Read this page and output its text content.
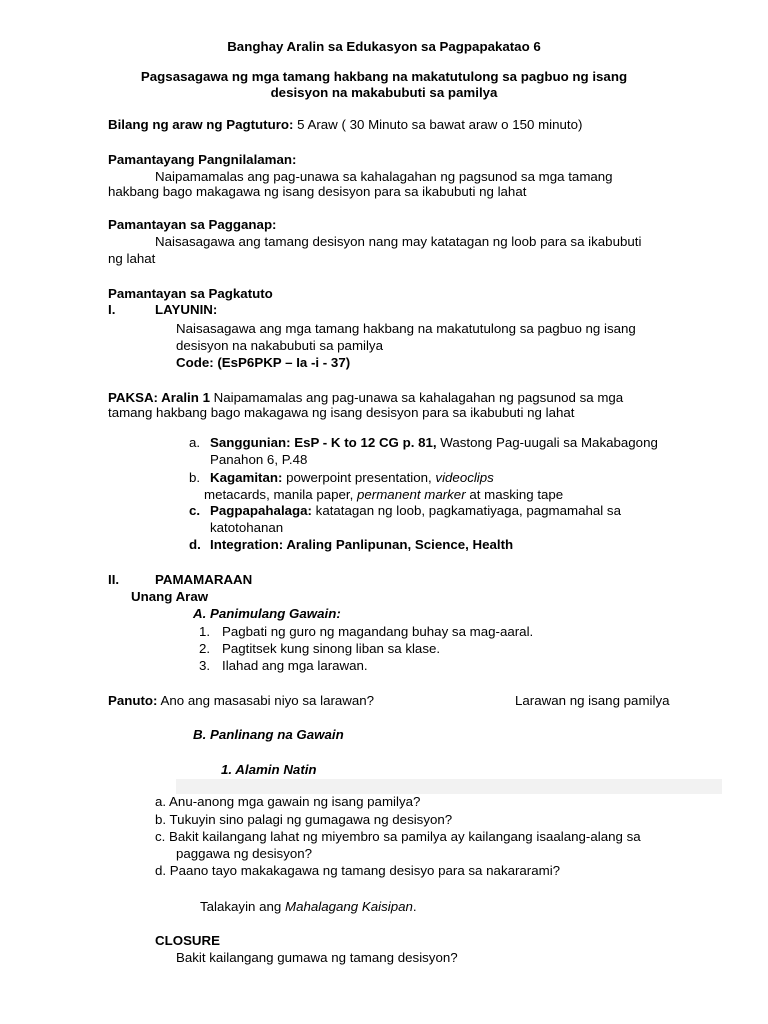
Banghay Aralin sa Edukasyon sa Pagpapakatao 6
Pagsasagawa ng mga tamang hakbang na makatutulong sa pagbuo ng isang
desisyon na makabubuti sa pamilya
Bilang ng araw ng Pagtuturo: 5 Araw ( 30 Minuto sa bawat araw o 150 minuto)
Pamantayang Pangnilalaman:
Naipamamalas ang pag-unawa sa kahalagahan ng pagsunod sa mga tamang
hakbang bago makagawa ng isang desisyon para sa ikabubuti ng lahat
Pamantayan sa Pagganap:
Naisasagawa ang tamang desisyon nang may katatagan ng loob para sa ikabubuti
ng lahat
Pamantayan sa Pagkatuto
I.	LAYUNIN:
Naisasagawa ang mga tamang hakbang na makatutulong sa pagbuo ng isang
desisyon na nakabubuti sa pamilya
Code: (EsP6PKP – Ia -i - 37)
PAKSA: Aralin 1 Naipamamalas ang pag-unawa sa kahalagahan ng pagsunod sa mga
tamang hakbang bago makagawa ng isang desisyon para sa ikabubuti ng lahat
a. Sanggunian: EsP - K to 12 CG p. 81, Wastong Pag-uugali sa Makabagong
Panahon 6, P.48
b. Kagamitan: powerpoint presentation, videoclips
metacards, manila paper, permanent marker at masking tape
c. Pagpapahalaga: katatagan ng loob, pagkamatiyaga, pagmamahal sa
katotohanan
d. Integration: Araling Panlipunan, Science, Health
II.	PAMAMARAAN
Unang Araw
A. Panimulang Gawain:
1. Pagbati ng guro ng magandang buhay sa mag-aaral.
2. Pagtitsek kung sinong liban sa klase.
3. Ilahad ang mga larawan.
Panuto: Ano ang masasabi niyo sa larawan?	Larawan ng isang pamilya
B. Panlinang na Gawain
1. Alamin Natin
a. Anu-anong mga gawain ng isang pamilya?
b. Tukuyin sino palagi ng gumagawa ng desisyon?
c. Bakit kailangang lahat ng miyembro sa pamilya ay kailangang isaalang-alang sa
paggawa ng desisyon?
d. Paano tayo makakagawa ng tamang desisyo para sa nakararami?
Talakayin ang Mahalagang Kaisipan.
CLOSURE
Bakit kailangang gumawa ng tamang desisyon?
